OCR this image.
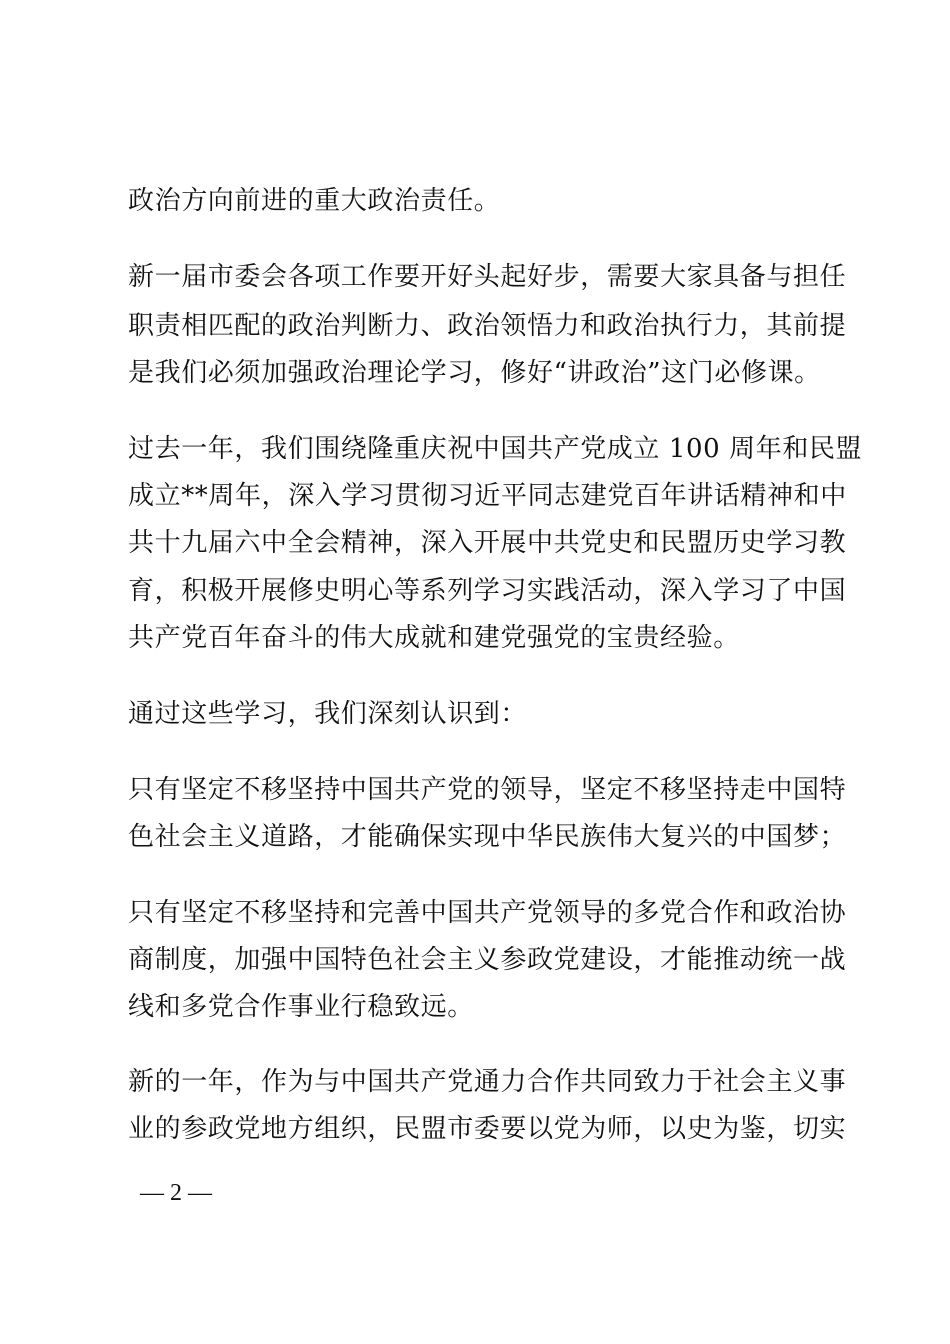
政治方向前进的重大政治责任。
新一届市委会各项工作要开好头起好步，需要大家具备与担任
职责相匹配的政治判断力、政治领悟力和政治执行力，其前提
是我们必须加强政治理论学习，修好“讲政治”这门必修课。
过去一年，我们围绕隆重庆祝中国共产党成立 100 周年和民盟
成立**周年，深入学习贯彻习近平同志建党百年讲话精神和中
共十九届六中全会精神，深入开展中共党史和民盟历史学习教
育，积极开展修史明心等系列学习实践活动，深入学习了中国
共产党百年奋斗的伟大成就和建党强党的宝贵经验。
通过这些学习，我们深刻认识到：
只有坚定不移坚持中国共产党的领导，坚定不移坚持走中国特
色社会主义道路，才能确保实现中华民族伟大复兴的中国梦；
只有坚定不移坚持和完善中国共产党领导的多党合作和政治协
商制度，加强中国特色社会主义参政党建设，才能推动统一战
线和多党合作事业行稳致远。
新的一年，作为与中国共产党通力合作共同致力于社会主义事
业的参政党地方组织，民盟市委要以党为师，以史为鉴，切实
— 2 —
